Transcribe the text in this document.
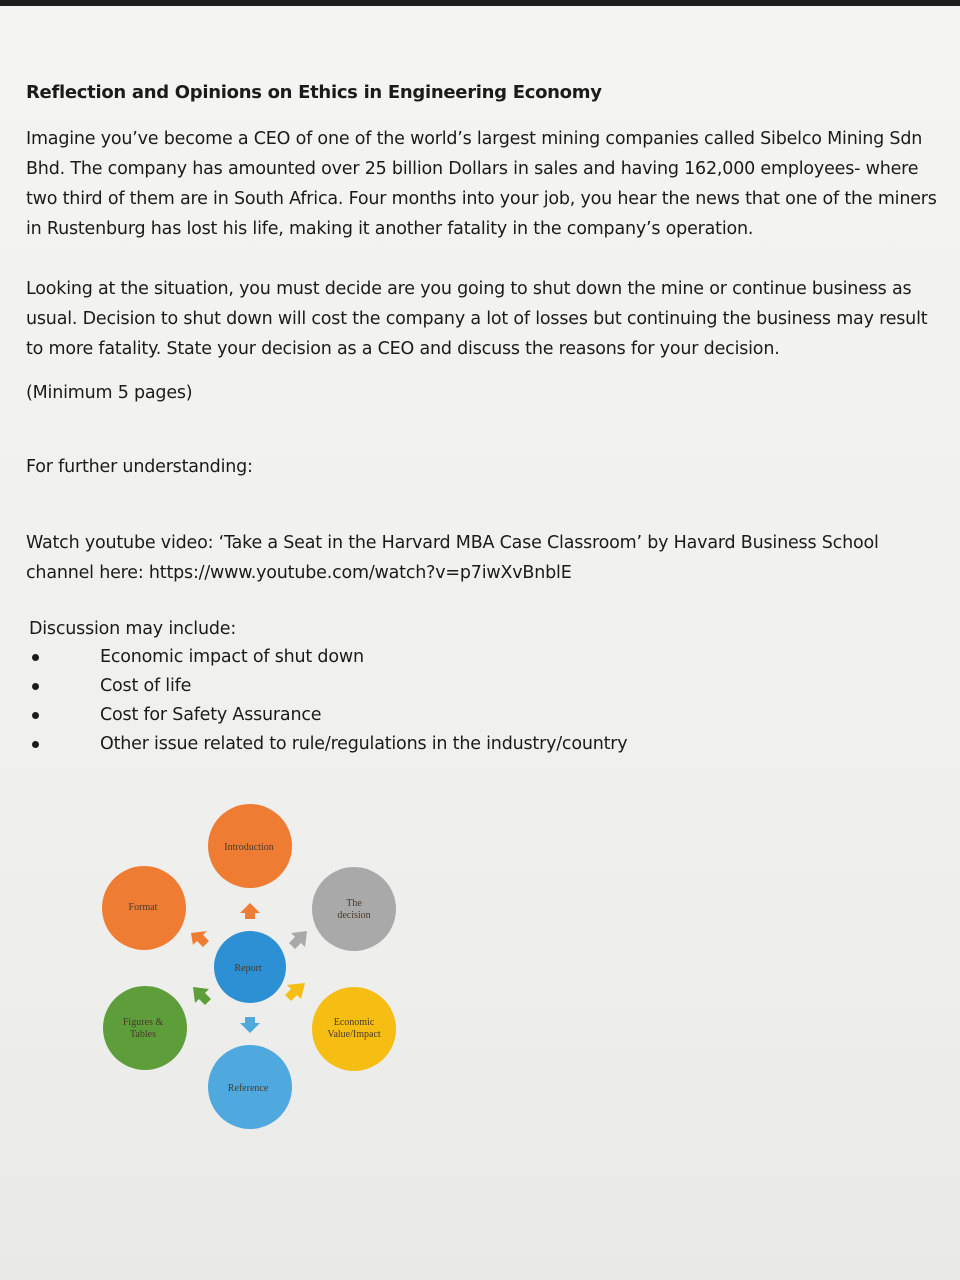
Reflection and Opinions on Ethics in Engineering Economy

Imagine you’ve become a CEO of one of the world’s largest mining companies called Sibelco Mining Sdn Bhd. The company has amounted over 25 billion Dollars in sales and having 162,000 employees- where two third of them are in South Africa. Four months into your job, you hear the news that one of the miners in Rustenburg has lost his life, making it another fatality in the company’s operation.

Looking at the situation, you must decide are you going to shut down the mine or continue business as usual. Decision to shut down will cost the company a lot of losses but continuing the business may result to more fatality. State your decision as a CEO and discuss the reasons for your decision.

(Minimum 5 pages)

For further understanding:

Watch youtube video: ‘Take a Seat in the Harvard MBA Case Classroom’ by Havard Business School channel here: https://www.youtube.com/watch?v=p7iwXvBnblE

Discussion may include:

Economic impact of shut down
Cost of life
Cost for Safety Assurance
Other issue related to rule/regulations in the industry/country
Report
Introduction
The
decision
Economic
Value/Impact
Reference
Figures &
Tables
Format
